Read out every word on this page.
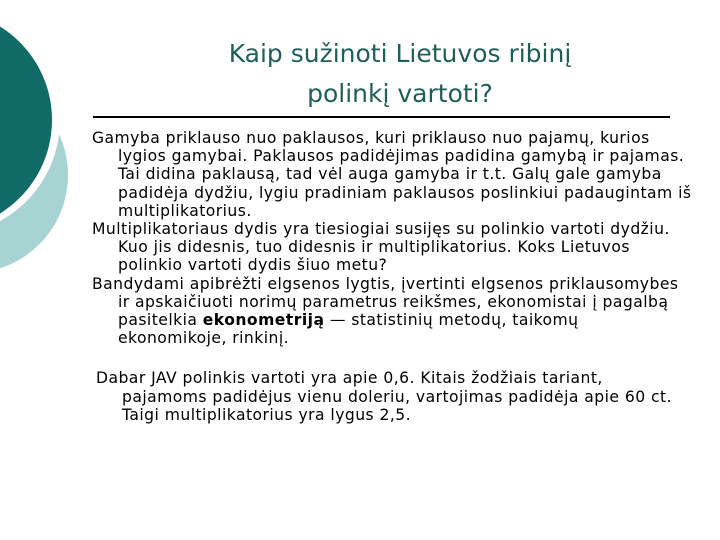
Kaip sužinoti Lietuvos ribinį
polinkį vartoti?

Gamyba priklauso nuo paklausos, kuri priklauso nuo pajamų, kurios lygios gamybai. Paklausos padidėjimas padidina gamybą ir pajamas. Tai didina paklausą, tad vėl auga gamyba ir t.t. Galų gale gamyba padidėja dydžiu, lygiu pradiniam paklausos poslinkiui padaugintam iš multiplikatorius.

Multiplikatoriaus dydis yra tiesiogiai susijęs su polinkio vartoti dydžiu. Kuo jis didesnis, tuo didesnis ir multiplikatorius. Koks Lietuvos polinkio vartoti dydis šiuo metu?

Bandydami apibrėžti elgsenos lygtis, įvertinti elgsenos priklausomybes ir apskaičiuoti norimų parametrus reikšmes, ekonomistai į pagalbą pasitelkia ekonometriją — statistinių metodų, taikomų ekonomikoje, rinkinį.

Dabar JAV polinkis vartoti yra apie 0,6. Kitais žodžiais tariant, pajamoms padidėjus vienu doleriu, vartojimas padidėja apie 60 ct. Taigi multiplikatorius yra lygus 2,5.
